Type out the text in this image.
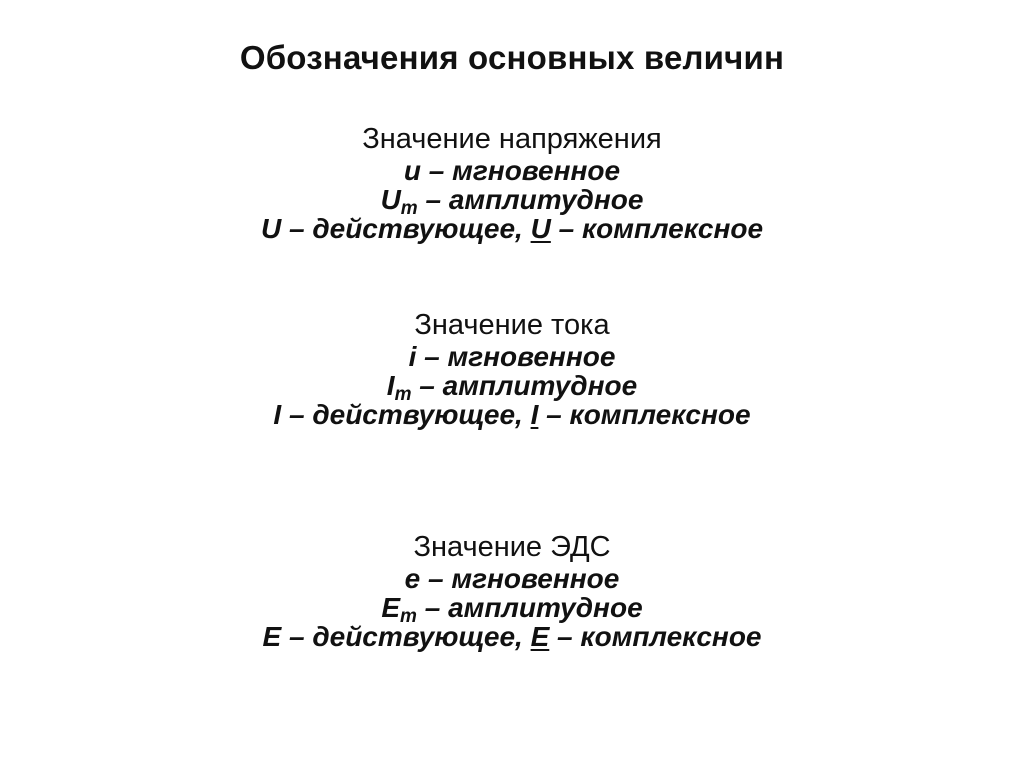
Обозначения основных величин
Значение напряжения
u – мгновенное
$U_m$ – амплитудное
U – действующее, U – комплексное
Значение тока
i – мгновенное
$I_m$ – амплитудное
I – действующее, I – комплексное
Значение ЭДС
e – мгновенное
$E_m$ – амплитудное
E – действующее, E – комплексное
